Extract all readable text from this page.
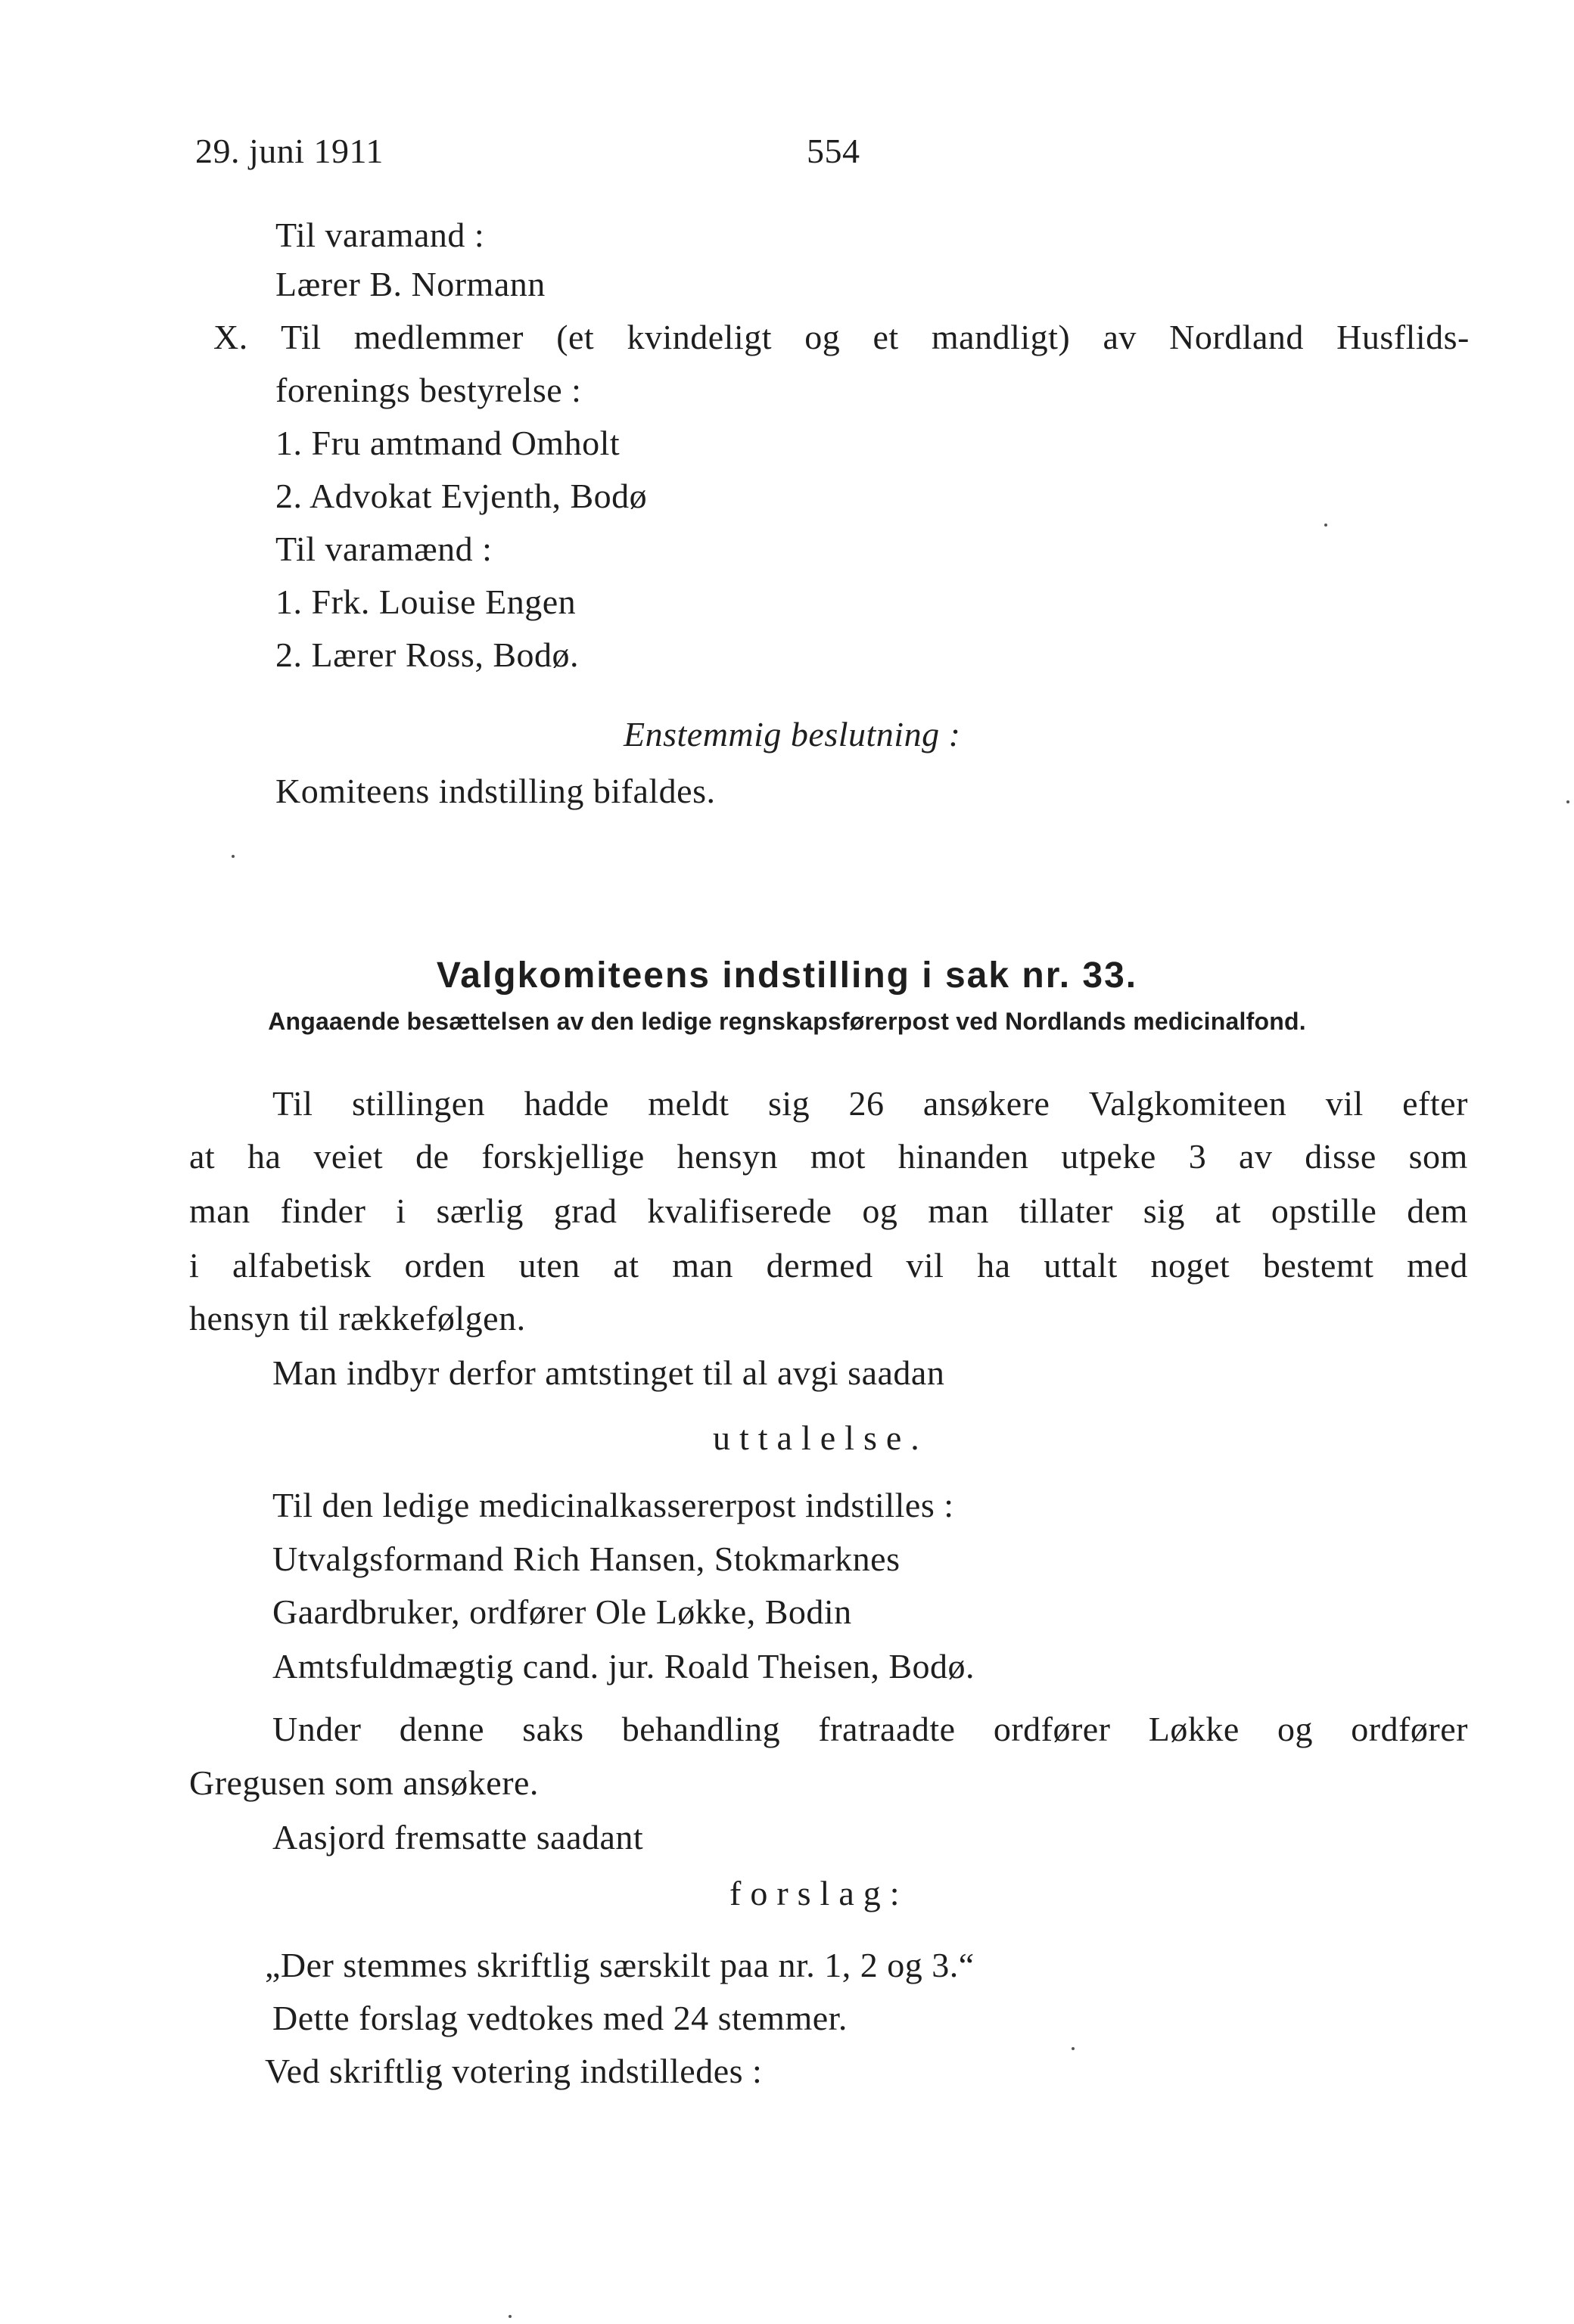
29. juni 1911	554
Til varamand :
Lærer B. Normann
X. Til medlemmer (et kvindeligt og et mandligt) av Nordland Husflids-
forenings bestyrelse :
1. Fru amtmand Omholt
2. Advokat Evjenth, Bodø
Til varamænd :
1. Frk. Louise Engen
2. Lærer Ross, Bodø.
Enstemmig beslutning :
Komiteens indstilling bifaldes.
Valgkomiteens indstilling i sak nr. 33.
Angaaende besættelsen av den ledige regnskapsførerpost ved Nordlands medicinalfond.
Til stillingen hadde meldt sig 26 ansøkere Valgkomiteen vil efter
at ha veiet de forskjellige hensyn mot hinanden utpeke 3 av disse som
man finder i særlig grad kvalifiserede og man tillater sig at opstille dem
i alfabetisk orden uten at man dermed vil ha uttalt noget bestemt med
hensyn til rækkefølgen.
Man indbyr derfor amtstinget til al avgi saadan
uttalelse.
Til den ledige medicinalkassererpost indstilles :
Utvalgsformand Rich Hansen, Stokmarknes
Gaardbruker, ordfører Ole Løkke, Bodin
Amtsfuldmægtig cand. jur. Roald Theisen, Bodø.
Under denne saks behandling fratraadte ordfører Løkke og ordfører
Gregusen som ansøkere.
Aasjord fremsatte saadant
forslag:
„Der stemmes skriftlig særskilt paa nr. 1, 2 og 3.“
Dette forslag vedtokes med 24 stemmer.
Ved skriftlig votering indstilledes :
